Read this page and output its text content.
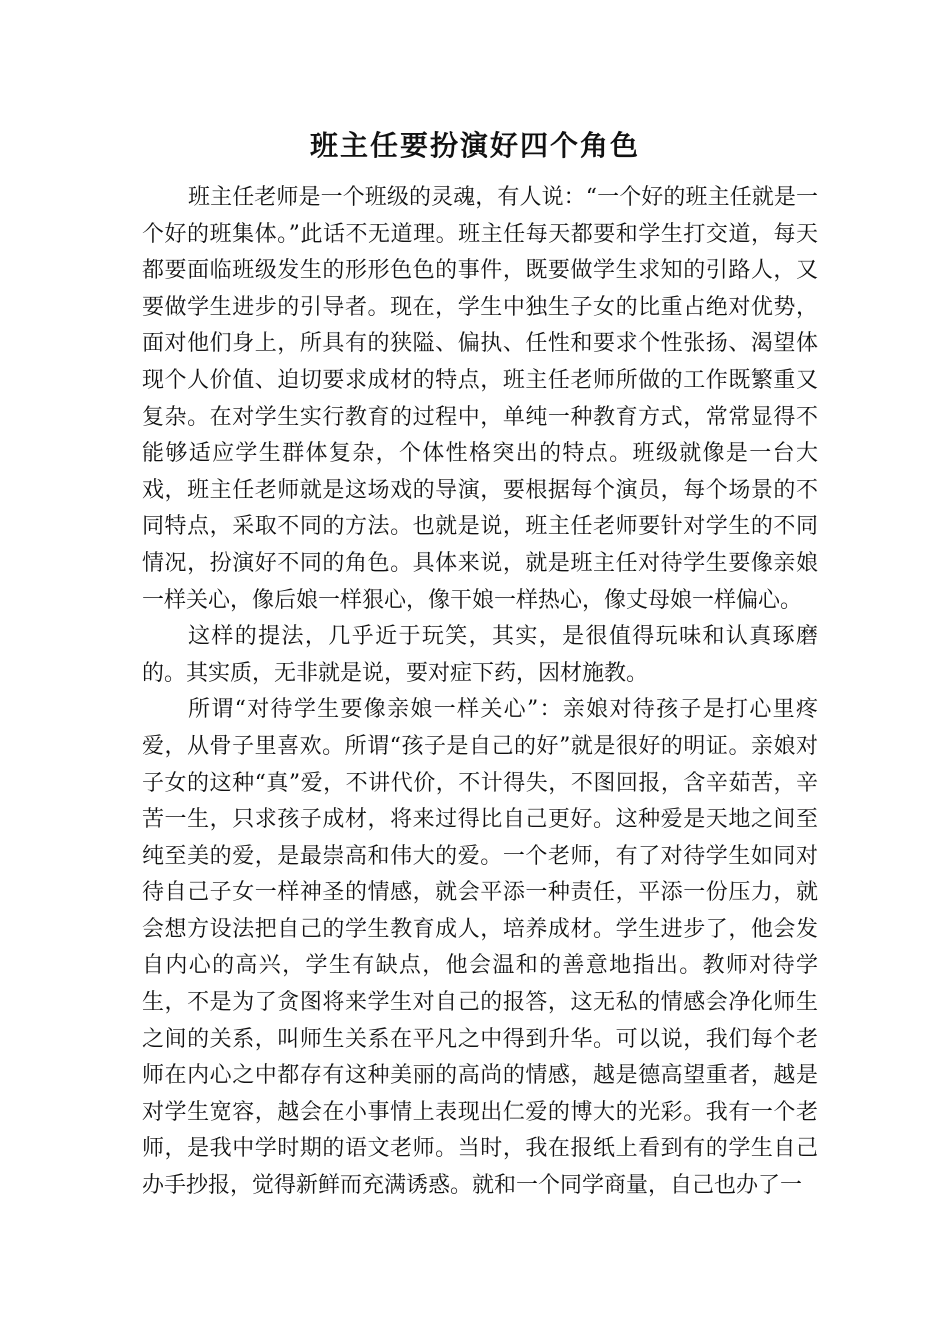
班主任要扮演好四个角色

班主任老师是一个班级的灵魂，有人说：“一个好的班主任就是一个好的班集体。”此话不无道理。班主任每天都要和学生打交道，每天都要面临班级发生的形形色色的事件，既要做学生求知的引路人，又要做学生进步的引导者。现在，学生中独生子女的比重占绝对优势，面对他们身上，所具有的狭隘、偏执、任性和要求个性张扬、渴望体现个人价值、迫切要求成材的特点，班主任老师所做的工作既繁重又复杂。在对学生实行教育的过程中，单纯一种教育方式，常常显得不能够适应学生群体复杂，个体性格突出的特点。班级就像是一台大戏，班主任老师就是这场戏的导演，要根据每个演员，每个场景的不同特点，采取不同的方法。也就是说，班主任老师要针对学生的不同情况，扮演好不同的角色。具体来说，就是班主任对待学生要像亲娘一样关心，像后娘一样狠心，像干娘一样热心，像丈母娘一样偏心。

这样的提法，几乎近于玩笑，其实，是很值得玩味和认真琢磨的。其实质，无非就是说，要对症下药，因材施教。

所谓“对待学生要像亲娘一样关心”：亲娘对待孩子是打心里疼爱，从骨子里喜欢。所谓“孩子是自己的好”就是很好的明证。亲娘对子女的这种“真”爱，不讲代价，不计得失，不图回报，含辛茹苦，辛苦一生，只求孩子成材，将来过得比自己更好。这种爱是天地之间至纯至美的爱，是最崇高和伟大的爱。一个老师，有了对待学生如同对待自己子女一样神圣的情感，就会平添一种责任，平添一份压力，就会想方设法把自己的学生教育成人，培养成材。学生进步了，他会发自内心的高兴，学生有缺点，他会温和的善意地指出。教师对待学生，不是为了贪图将来学生对自己的报答，这无私的情感会净化师生之间的关系，叫师生关系在平凡之中得到升华。可以说，我们每个老师在内心之中都存有这种美丽的高尚的情感，越是德高望重者，越是对学生宽容，越会在小事情上表现出仁爱的博大的光彩。我有一个老师，是我中学时期的语文老师。当时，我在报纸上看到有的学生自己办手抄报，觉得新鲜而充满诱惑。就和一个同学商量，自己也办了一
